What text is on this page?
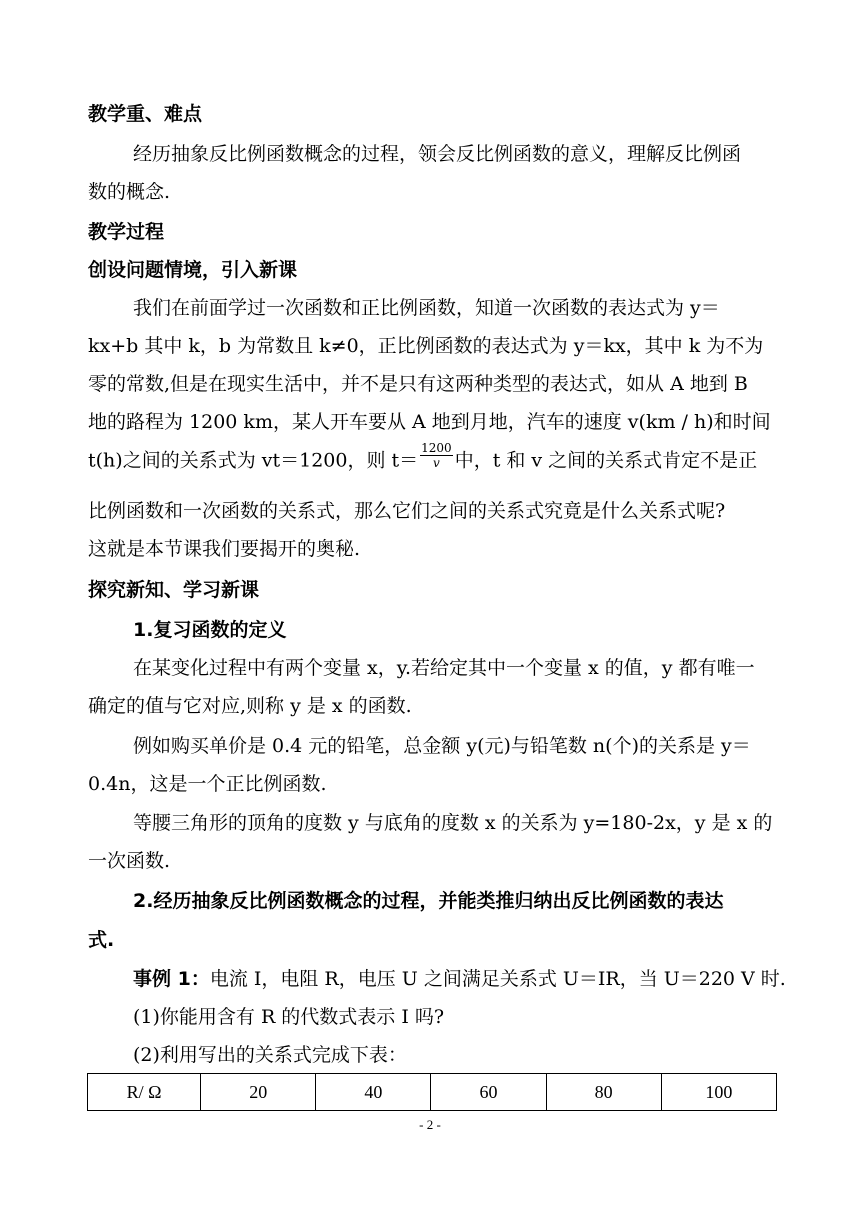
教学重、难点
经历抽象反比例函数概念的过程，领会反比例函数的意义，理解反比例函
数的概念.
教学过程
创设问题情境，引入新课
我们在前面学过一次函数和正比例函数，知道一次函数的表达式为 y＝
kx+b 其中 k，b 为常数且 k≠0，正比例函数的表达式为 y＝kx，其中 k 为不为
零的常数,但是在现实生活中，并不是只有这两种类型的表达式，如从 A 地到 B
地的路程为 1200 km，某人开车要从 A 地到月地，汽车的速度 v(km / h)和时间
t(h)之间的关系式为 vt＝1200，则 $t= \frac{1200}{v}$ 中，t 和 v 之间的关系式肯定不是正
比例函数和一次函数的关系式，那么它们之间的关系式究竟是什么关系式呢?
这就是本节课我们要揭开的奥秘.
探究新知、学习新课
1.复习函数的定义
在某变化过程中有两个变量 x，y.若给定其中一个变量 x 的值，y 都有唯一
确定的值与它对应,则称 y 是 x 的函数.
例如购买单价是 0.4 元的铅笔，总金额 y(元)与铅笔数 n(个)的关系是 y＝
0.4n，这是一个正比例函数.
等腰三角形的顶角的度数 y 与底角的度数 x 的关系为 y=180-2x，y 是 x 的
一次函数.
2.经历抽象反比例函数概念的过程，并能类推归纳出反比例函数的表达
式.
事例 1：电流 I，电阻 R，电压 U 之间满足关系式 U＝IR，当 U＝220 V 时.
(1)你能用含有 R 的代数式表示 I 吗?
(2)利用写出的关系式完成下表：
R/ Ω	20	40	60	80	100
- 2 -
